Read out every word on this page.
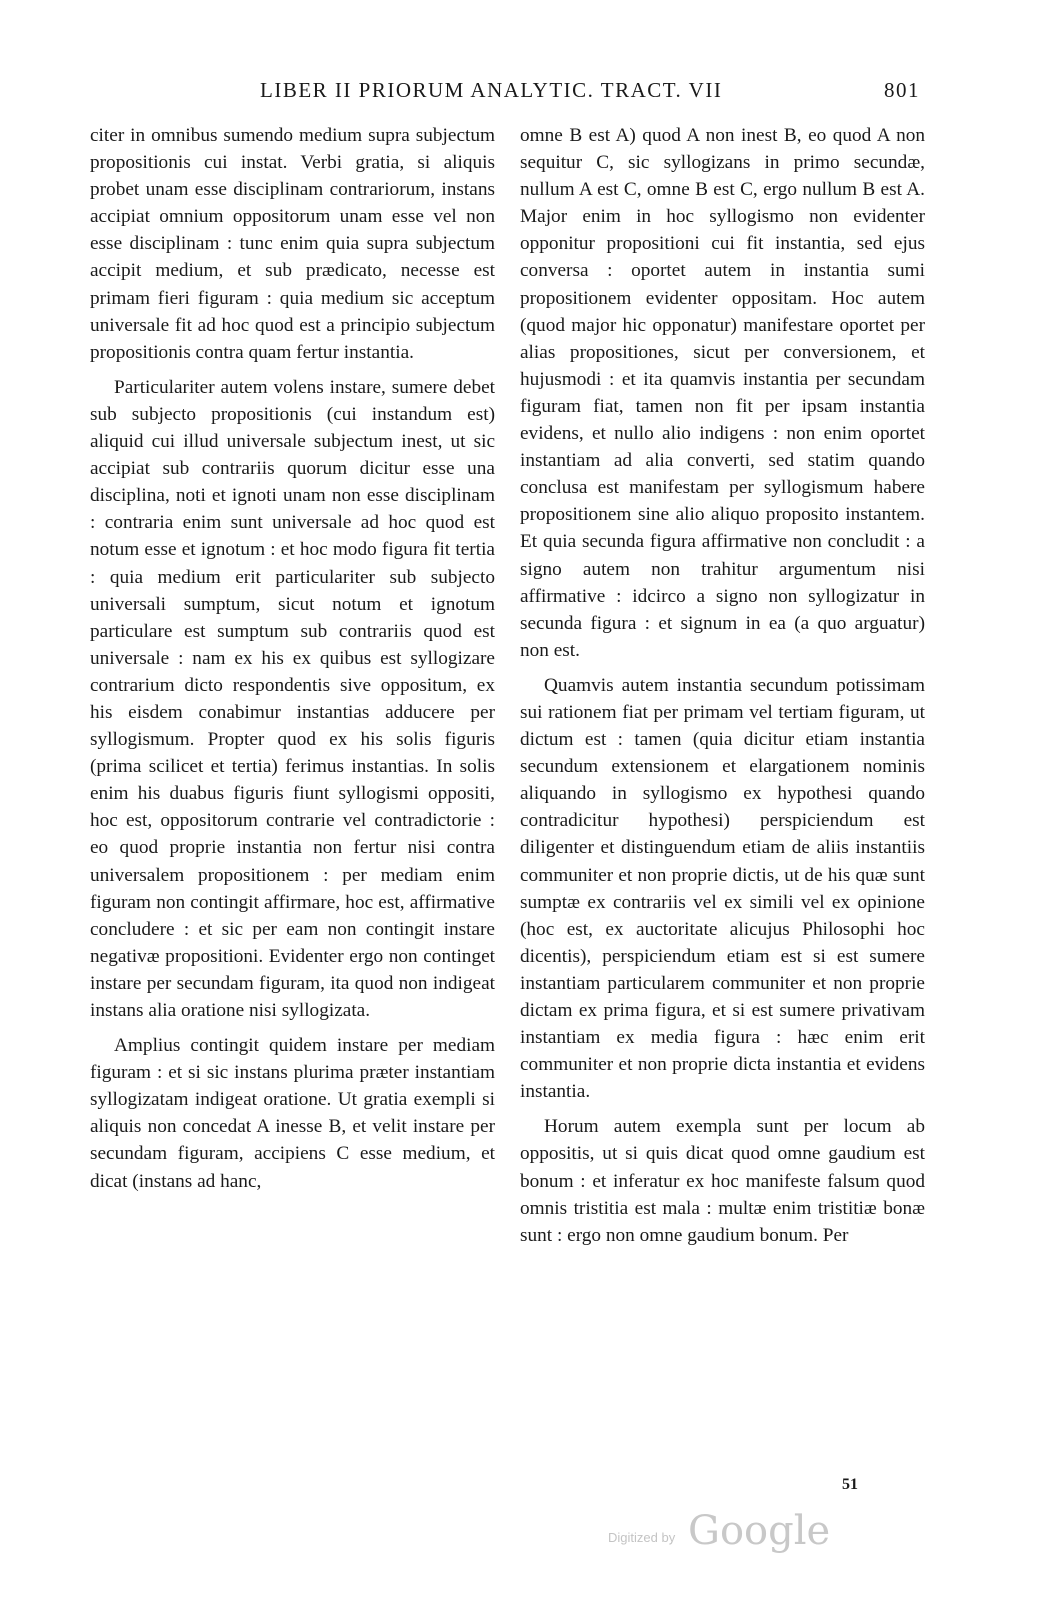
LIBER II PRIORUM ANALYTIC. TRACT. VII	801

citer in omnibus sumendo medium supra subjectum propositionis cui instat. Verbi gratia, si aliquis probet unam esse disciplinam contrariorum, instans accipiat omnium oppositorum unam esse vel non esse disciplinam : tunc enim quia supra subjectum accipit medium, et sub prædicato, necesse est primam fieri figuram : quia medium sic acceptum universale fit ad hoc quod est a principio subjectum propositionis contra quam fertur instantia.

Particulariter autem volens instare, sumere debet sub subjecto propositionis (cui instandum est) aliquid cui illud universale subjectum inest, ut sic accipiat sub contrariis quorum dicitur esse una disciplina, noti et ignoti unam non esse disciplinam : contraria enim sunt universale ad hoc quod est notum esse et ignotum : et hoc modo figura fit tertia : quia medium erit particulariter sub subjecto universali sumptum, sicut notum et ignotum particulare est sumptum sub contrariis quod est universale : nam ex his ex quibus est syllogizare contrarium dicto respondentis sive oppositum, ex his eisdem conabimur instantias adducere per syllogismum. Propter quod ex his solis figuris (prima scilicet et tertia) ferimus instantias. In solis enim his duabus figuris fiunt syllogismi oppositi, hoc est, oppositorum contrarie vel contradictorie : eo quod proprie instantia non fertur nisi contra universalem propositionem : per mediam enim figuram non contingit affirmare, hoc est, affirmative concludere : et sic per eam non contingit instare negativæ propositioni. Evidenter ergo non continget instare per secundam figuram, ita quod non indigeat instans alia oratione nisi syllogizata.

Amplius contingit quidem instare per mediam figuram : et si sic instans plurima præter instantiam syllogizatam indigeat oratione. Ut gratia exempli si aliquis non concedat A inesse B, et velit instare per secundam figuram, accipiens C esse medium, et dicat (instans ad hanc,

omne B est A) quod A non inest B, eo quod A non sequitur C, sic syllogizans in primo secundæ, nullum A est C, omne B est C, ergo nullum B est A. Major enim in hoc syllogismo non evidenter opponitur propositioni cui fit instantia, sed ejus conversa : oportet autem in instantia sumi propositionem evidenter oppositam. Hoc autem (quod major hic opponatur) manifestare oportet per alias propositiones, sicut per conversionem, et hujusmodi : et ita quamvis instantia per secundam figuram fiat, tamen non fit per ipsam instantia evidens, et nullo alio indigens : non enim oportet instantiam ad alia converti, sed statim quando conclusa est manifestam per syllogismum habere propositionem sine alio aliquo proposito instantem. Et quia secunda figura affirmative non concludit : a signo autem non trahitur argumentum nisi affirmative : idcirco a signo non syllogizatur in secunda figura : et signum in ea (a quo arguatur) non est.

Quamvis autem instantia secundum potissimam sui rationem fiat per primam vel tertiam figuram, ut dictum est : tamen (quia dicitur etiam instantia secundum extensionem et elargationem nominis aliquando in syllogismo ex hypothesi quando contradicitur hypothesi) perspiciendum est diligenter et distinguendum etiam de aliis instantiis communiter et non proprie dictis, ut de his quæ sunt sumptæ ex contrariis vel ex simili vel ex opinione (hoc est, ex auctoritate alicujus Philosophi hoc dicentis), perspiciendum etiam est si est sumere instantiam particularem communiter et non proprie dictam ex prima figura, et si est sumere privativam instantiam ex media figura : hæc enim erit communiter et non proprie dicta instantia et evidens instantia.

Horum autem exempla sunt per locum ab oppositis, ut si quis dicat quod omne gaudium est bonum : et inferatur ex hoc manifeste falsum quod omnis tristitia est mala : multæ enim tristitiæ bonæ sunt : ergo non omne gaudium bonum. Per

51
Digitized by Google
